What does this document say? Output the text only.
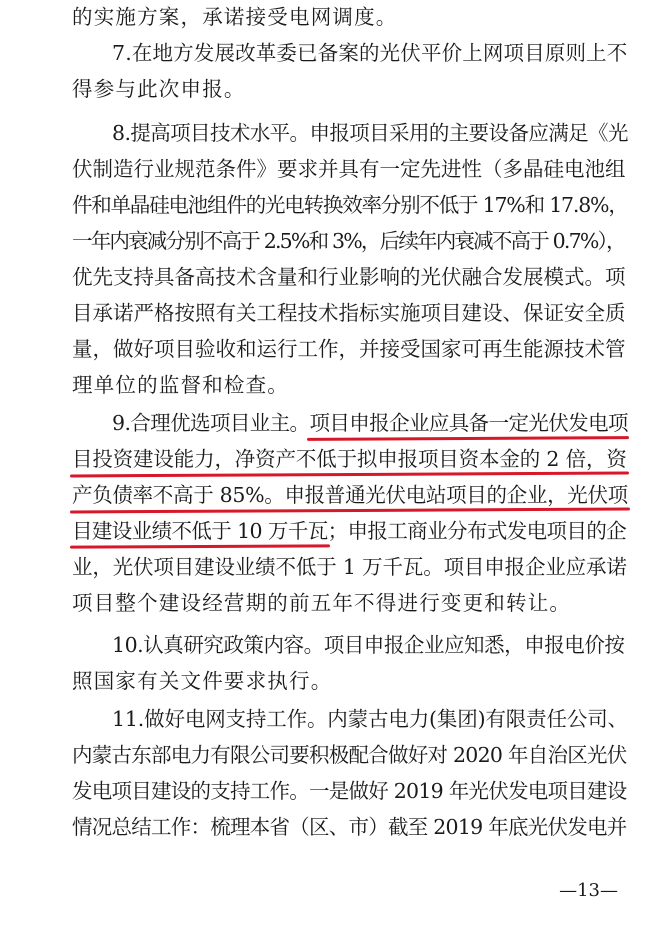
的实施方案，承诺接受电网调度。
7.在地方发展改革委已备案的光伏平价上网项目原则上不
得参与此次申报。
8.提高项目技术水平。申报项目采用的主要设备应满足《光
伏制造行业规范条件》要求并具有一定先进性（多晶硅电池组
件和单晶硅电池组件的光电转换效率分别不低于 17%和 17.8%，
一年内衰减分别不高于 2.5%和 3%，后续年内衰减不高于 0.7%），
优先支持具备高技术含量和行业影响的光伏融合发展模式。项
目承诺严格按照有关工程技术指标实施项目建设、保证安全质
量，做好项目验收和运行工作，并接受国家可再生能源技术管
理单位的监督和检查。
9.合理优选项目业主。项目申报企业应具备一定光伏发电项
目投资建设能力，净资产不低于拟申报项目资本金的 2 倍，资
产负债率不高于 85%。申报普通光伏电站项目的企业，光伏项
目建设业绩不低于 10 万千瓦；申报工商业分布式发电项目的企
业，光伏项目建设业绩不低于 1 万千瓦。项目申报企业应承诺
项目整个建设经营期的前五年不得进行变更和转让。
10.认真研究政策内容。项目申报企业应知悉，申报电价按
照国家有关文件要求执行。
11.做好电网支持工作。内蒙古电力(集团)有限责任公司、
内蒙古东部电力有限公司要积极配合做好对 2020 年自治区光伏
发电项目建设的支持工作。一是做好 2019 年光伏发电项目建设
情况总结工作：梳理本省（区、市）截至 2019 年底光伏发电并
—13—
